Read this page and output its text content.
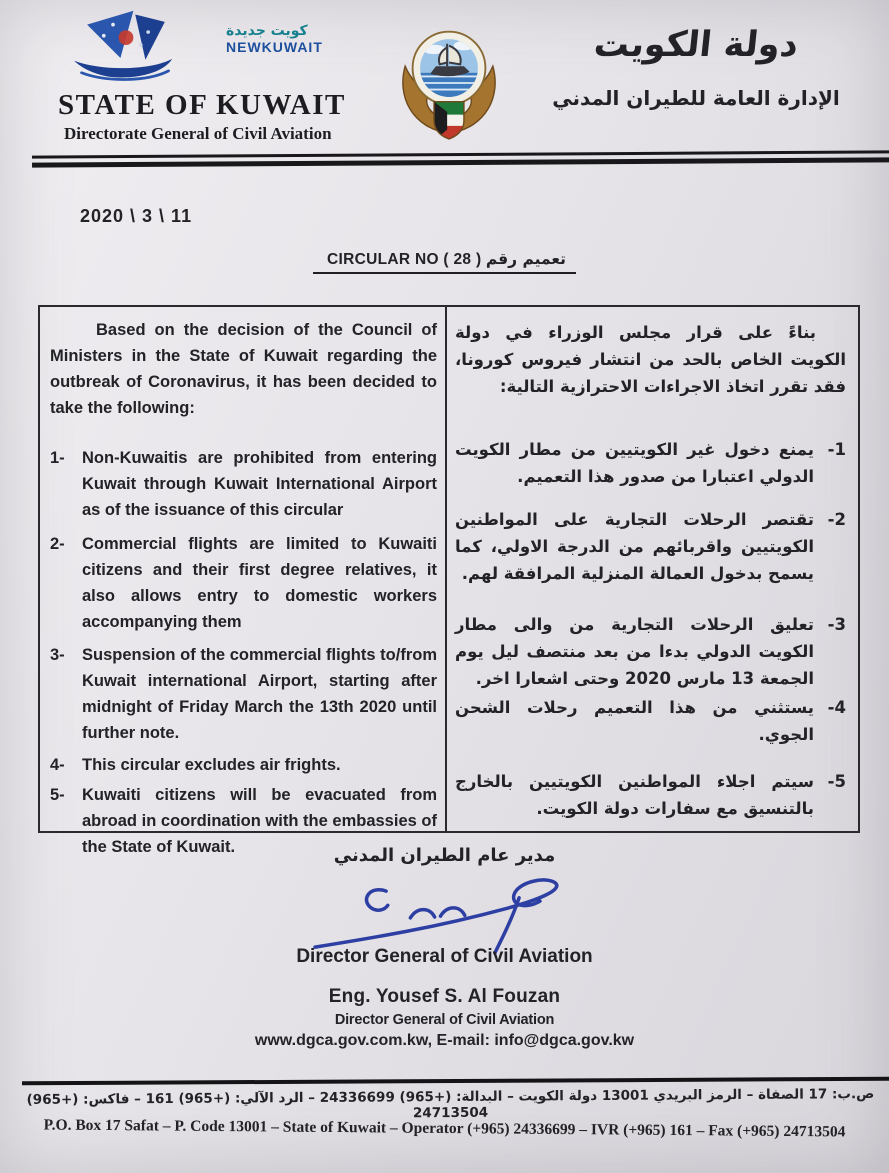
كويت جديدة
NEWKUWAIT
STATE OF KUWAIT
Directorate General of Civil Aviation
دولة الكويت
الإدارة العامة للطيران المدني
2020 \ 3 \ 11
تعميم رقم CIRCULAR NO ( 28 )
Based on the decision of the Council of Ministers in the State of Kuwait regarding the outbreak of Coronavirus, it has been decided to take the following:
1-	Non-Kuwaitis are prohibited from entering Kuwait through Kuwait International Airport as of the issuance of this circular
2-	Commercial flights are limited to Kuwaiti citizens and their first degree relatives, it also allows entry to domestic workers accompanying them
3-	Suspension of the commercial flights to/from Kuwait international Airport, starting after midnight of Friday March the 13th 2020 until further note.
4-	This circular excludes air frights.
5-	Kuwaiti citizens will be evacuated from abroad in coordination with the embassies of the State of Kuwait.
بناءً على قرار مجلس الوزراء في دولة الكويت الخاص بالحد من انتشار فيروس كورونا، فقد تقرر اتخاذ الاجراءات الاحترازية التالية:
1-
يمنع دخول غير الكويتيين من مطار الكويت الدولي اعتبارا من صدور هذا التعميم.
2-
تقتصر الرحلات التجارية على المواطنين الكويتيين واقربائهم من الدرجة الاولي، كما يسمح بدخول العمالة المنزلية المرافقة لهم.
3-
تعليق الرحلات التجارية من والى مطار الكويت الدولي بدءا من بعد منتصف ليل يوم الجمعة 13 مارس 2020 وحتى اشعارا اخر.
4-
يستثني من هذا التعميم رحلات الشحن الجوي.
5-
سيتم اجلاء المواطنين الكويتيين بالخارج بالتنسيق مع سفارات دولة الكويت.
مدير عام الطيران المدني
Director General of Civil Aviation
Eng. Yousef S. Al Fouzan
Director General of Civil Aviation
www.dgca.gov.com.kw, E-mail: info@dgca.gov.kw
ص.ب: 17 الصفاة – الرمز البريدي 13001 دولة الكويت – البدالة: (+965) 24336699 – الرد الآلي: (+965) 161 – فاكس: (+965) 24713504
P.O. Box 17 Safat – P. Code 13001 – State of Kuwait – Operator (+965) 24336699 – IVR (+965) 161 – Fax (+965) 24713504
